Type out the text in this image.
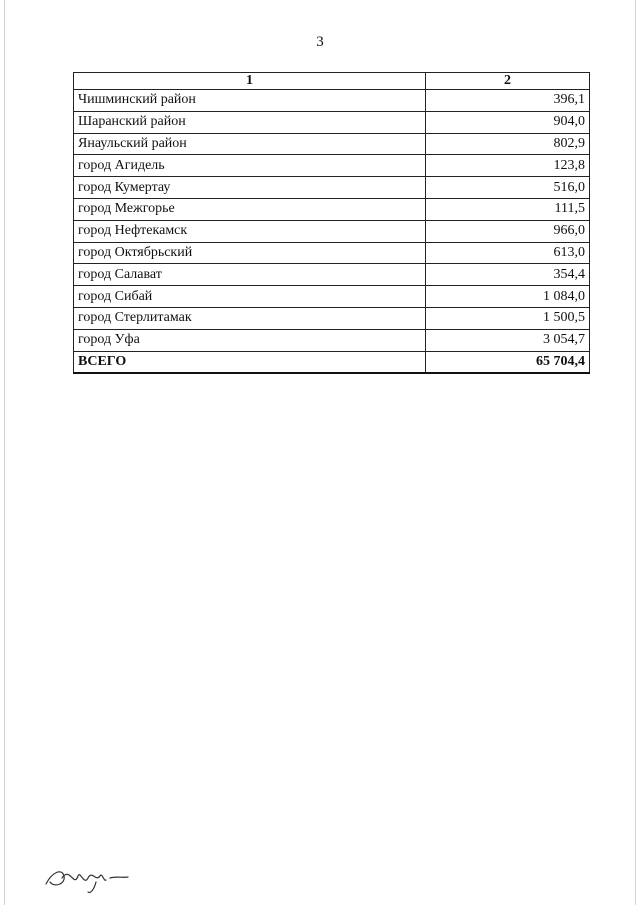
3
1	2
Чишминский район	396,1
Шаранский район	904,0
Янаульский район	802,9
город Агидель	123,8
город Кумертау	516,0
город Межгорье	111,5
город Нефтекамск	966,0
город Октябрьский	613,0
город Салават	354,4
город Сибай	1 084,0
город Стерлитамак	1 500,5
город Уфа	3 054,7
ВСЕГО	65 704,4
